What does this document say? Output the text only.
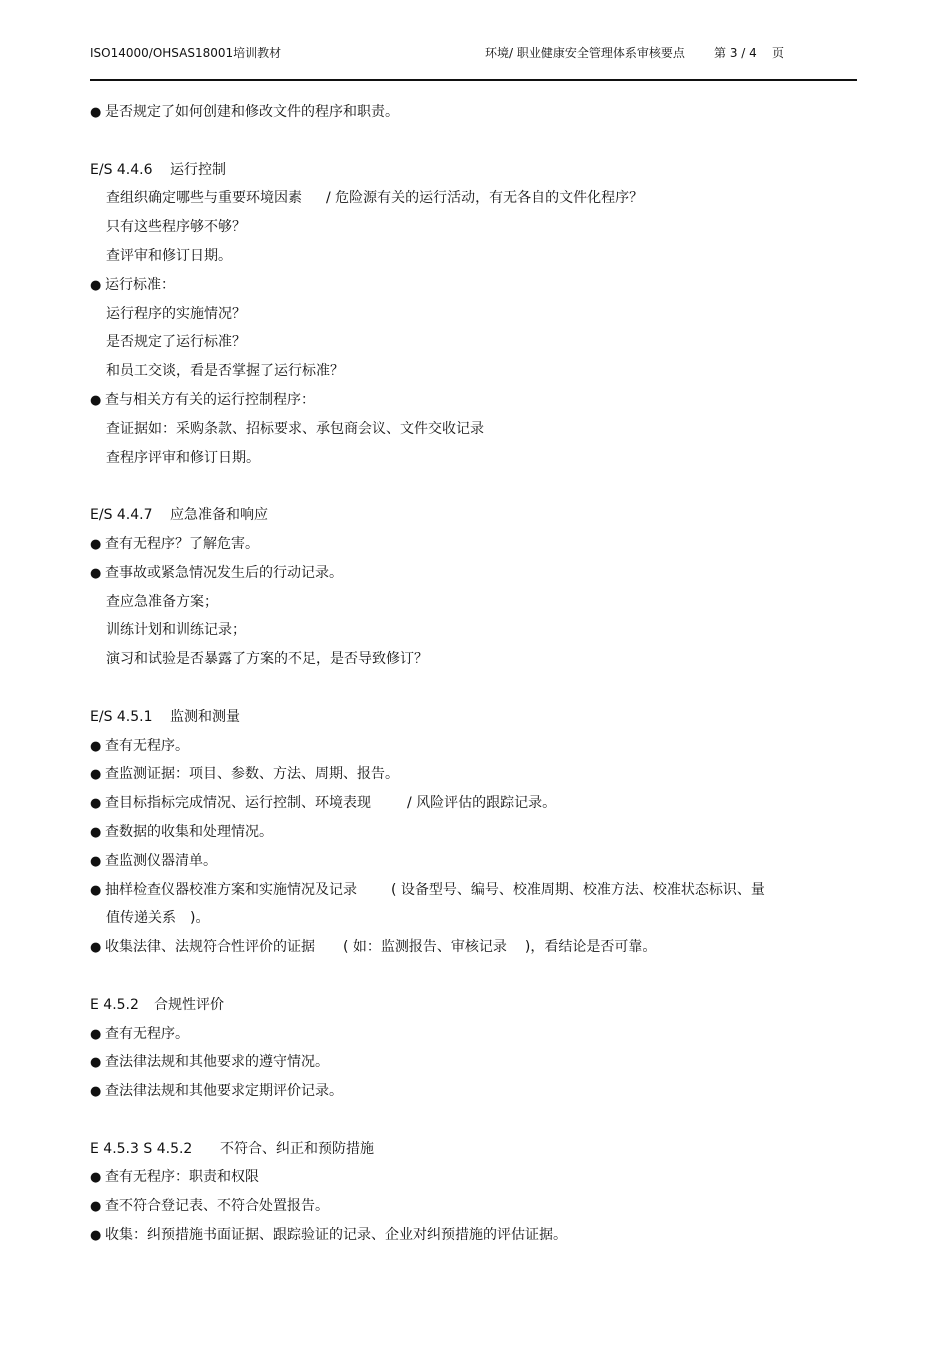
ISO14000/OHSAS18001培训教材	环境/ 职业健康安全管理体系审核要点 第 3 / 4 页
● 是否规定了如何创建和修改文件的程序和职责。
E/S 4.4.6 运行控制
查组织确定哪些与重要环境因素 / 危险源有关的运行活动，有无各自的文件化程序？
只有这些程序够不够？
查评审和修订日期。
● 运行标准：
运行程序的实施情况？
是否规定了运行标准？
和员工交谈，看是否掌握了运行标准？
● 查与相关方有关的运行控制程序：
查证据如：采购条款、招标要求、承包商会议、文件交收记录
查程序评审和修订日期。
E/S 4.4.7 应急准备和响应
● 查有无程序？了解危害。
● 查事故或紧急情况发生后的行动记录。
查应急准备方案；
训练计划和训练记录；
演习和试验是否暴露了方案的不足，是否导致修订？
E/S 4.5.1 监测和测量
● 查有无程序。
● 查监测证据：项目、参数、方法、周期、报告。
● 查目标指标完成情况、运行控制、环境表现	/ 风险评估的跟踪记录。
● 查数据的收集和处理情况。
● 查监测仪器清单。
● 抽样检查仪器校准方案和实施情况及记录 ( 设备型号、编号、校准周期、校准方法、校准状态标识、量
值传递关系　)。
● 收集法律、法规符合性评价的证据 ( 如：监测报告、审核记录 )，看结论是否可靠。
E 4.5.2 合规性评价
● 查有无程序。
● 查法律法规和其他要求的遵守情况。
● 查法律法规和其他要求定期评价记录。
E 4.5.3 S 4.5.2 不符合、纠正和预防措施
● 查有无程序：职责和权限
● 查不符合登记表、不符合处置报告。
● 收集：纠预措施书面证据、跟踪验证的记录、企业对纠预措施的评估证据。
